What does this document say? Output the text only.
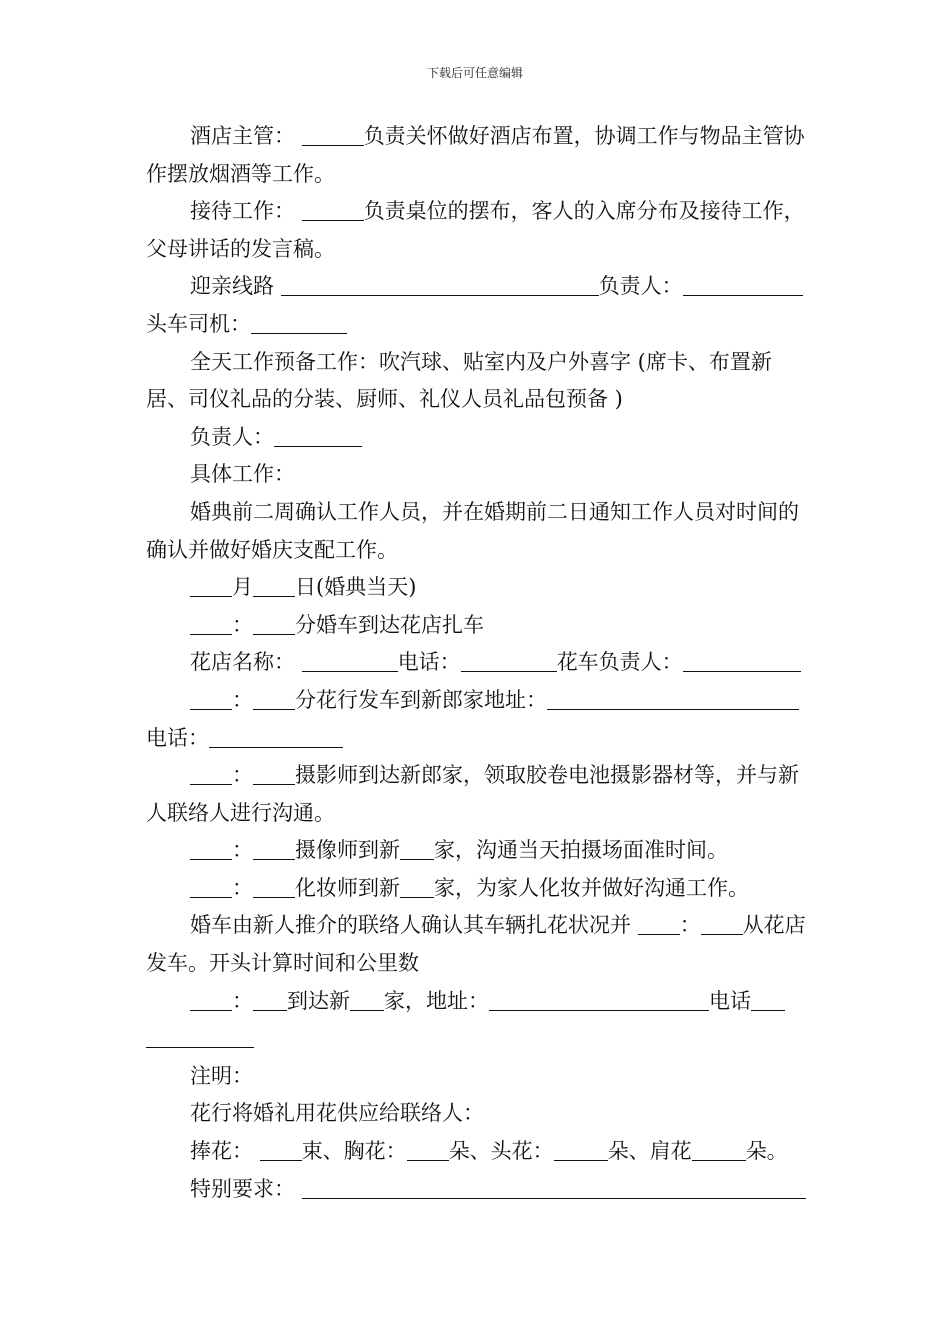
下载后可任意编辑

酒店主管：	负责关怀做好酒店布置，协调工作与物品主管协作摆放烟酒等工作。

接待工作：	负责桌位的摆布，客人的入席分布及接待工作，父母讲话的发言稿。

迎亲线路	负责人：头车司机：

全天工作预备工作：吹汽球、贴室内及户外喜字 (席卡、布置新居、司仪礼品的分装、厨师、礼仪人员礼品包预备 )

负责人：

具体工作：

婚典前二周确认工作人员，并在婚期前二日通知工作人员对时间的确认并做好婚庆支配工作。

月 日(婚典当天)

： 分婚车到达花店扎车

花店名称：	电话：	花车负责人：

： 分花行发车到新郎家地址：电话：

： 摄影师到达新郎家，领取胶卷电池摄影器材等，并与新人联络人进行沟通。

： 摄像师到新 家，沟通当天拍摄场面准时间。

： 化妆师到新 家，为家人化妆并做好沟通工作。

婚车由新人推介的联络人确认其车辆扎花状况并 ： 从花店发车。开头计算时间和公里数

： 到达新 家，地址：	电话

注明：

花行将婚礼用花供应给联络人：

捧花： 束、胸花： 朵、头花：	朵、肩花	朵。

特别要求：
